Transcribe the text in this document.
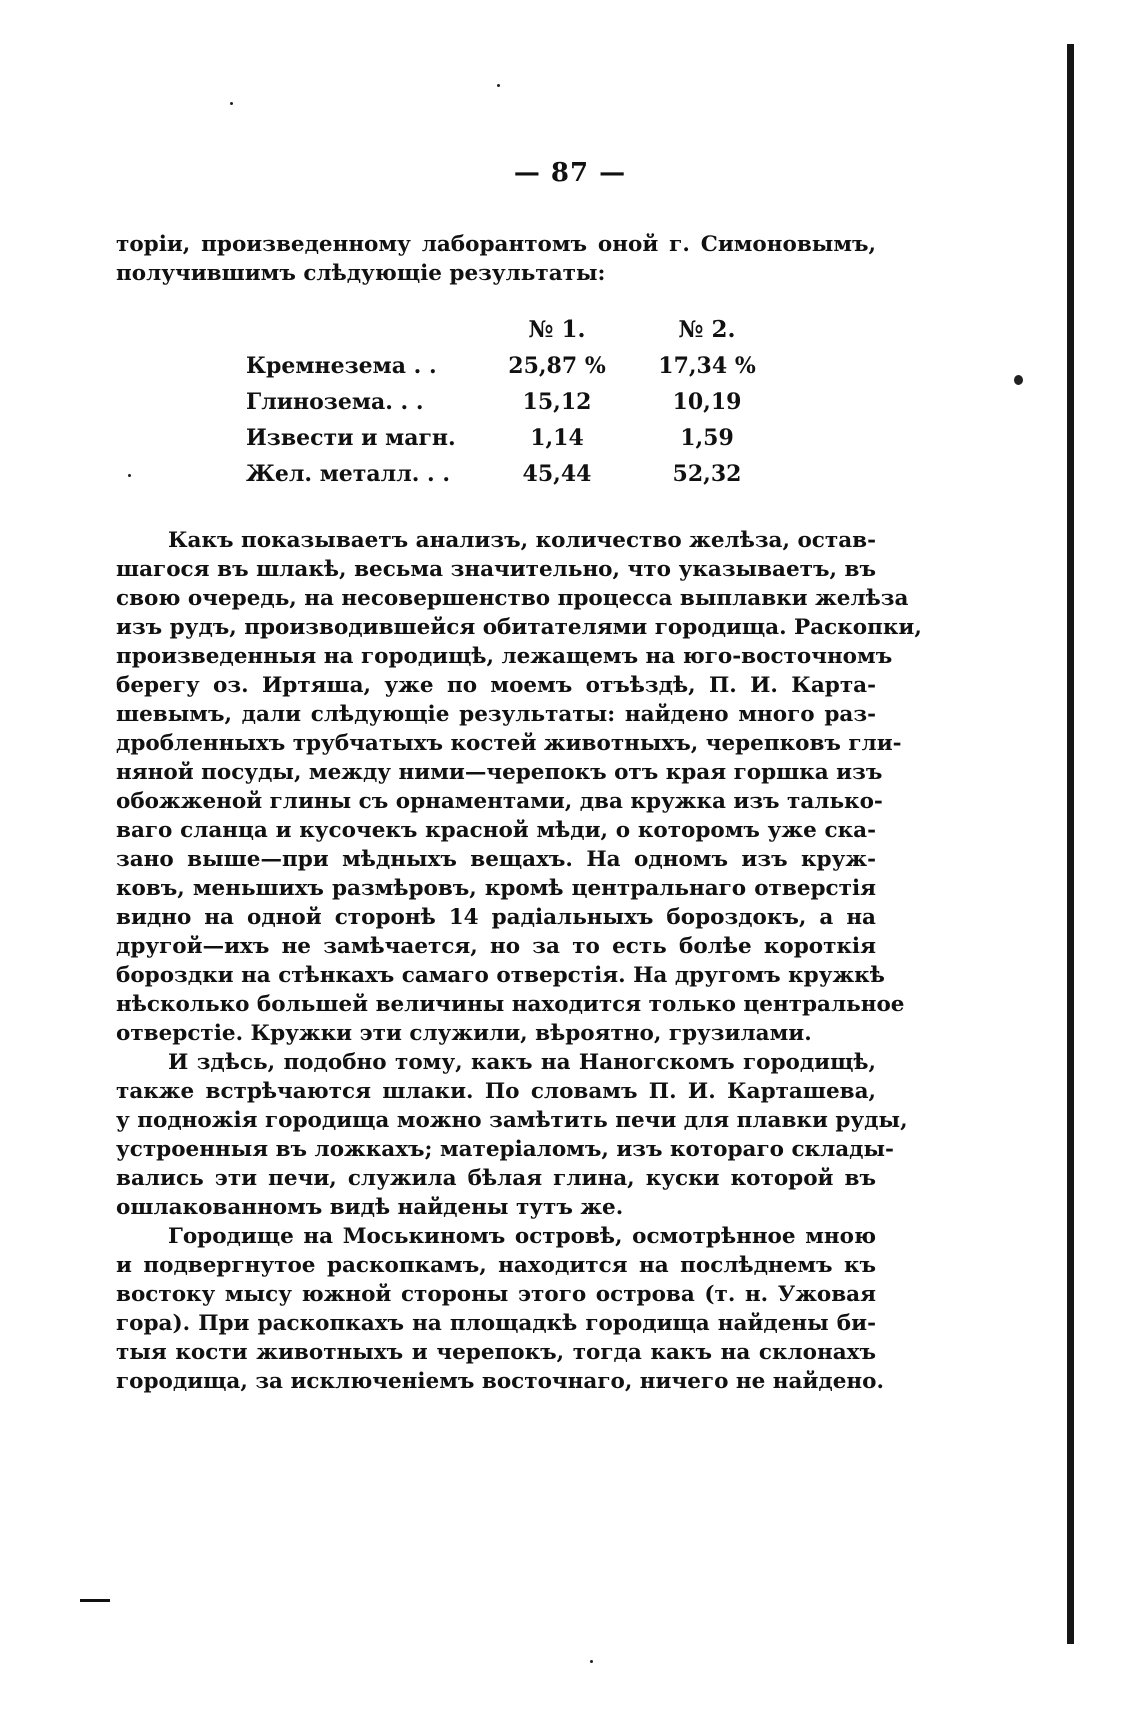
— 87 —
торіи, произведенному лаборантомъ оной г. Симоновымъ,
получившимъ слѣдующіе результаты:
	№ 1.	№ 2.
Кремнезема . .	25,87 %	17,34 %
Глинозема. . .	15,12	10,19
Извести и магн.	1,14	1,59
Жел. металл. . .	45,44	52,32
Какъ показываетъ анализъ, количество желѣза, остав-
шагося въ шлакѣ, весьма значительно, что указываетъ, въ
свою очередь, на несовершенство процесса выплавки желѣза
изъ рудъ, производившейся обитателями городища. Раскопки,
произведенныя на городищѣ, лежащемъ на юго-восточномъ
берегу оз. Иртяша, уже по моемъ отъѣздѣ, П. И. Карта-
шевымъ, дали слѣдующіе результаты: найдено много раз-
дробленныхъ трубчатыхъ костей животныхъ, черепковъ гли-
няной посуды, между ними—черепокъ отъ края горшка изъ
обожженой глины съ орнаментами, два кружка изъ талько-
ваго сланца и кусочекъ красной мѣди, о которомъ уже ска-
зано выше—при мѣдныхъ вещахъ. На одномъ изъ круж-
ковъ, меньшихъ размѣровъ, кромѣ центральнаго отверстія
видно на одной сторонѣ 14 радіальныхъ бороздокъ, а на
другой—ихъ не замѣчается, но за то есть болѣе короткія
бороздки на стѣнкахъ самаго отверстія. На другомъ кружкѣ
нѣсколько большей величины находится только центральное
отверстіе. Кружки эти служили, вѣроятно, грузилами.
И здѣсь, подобно тому, какъ на Наногскомъ городищѣ,
также встрѣчаются шлаки. По словамъ П. И. Карташева,
у подножія городища можно замѣтить печи для плавки руды,
устроенныя въ ложкахъ; матеріаломъ, изъ котораго склады-
вались эти печи, служила бѣлая глина, куски которой въ
ошлакованномъ видѣ найдены тутъ же.
Городище на Моськиномъ островѣ, осмотрѣнное мною
и подвергнутое раскопкамъ, находится на послѣднемъ къ
востоку мысу южной стороны этого острова (т. н. Ужовая
гора). При раскопкахъ на площадкѣ городища найдены би-
тыя кости животныхъ и черепокъ, тогда какъ на склонахъ
городища, за исключеніемъ восточнаго, ничего не найдено.
